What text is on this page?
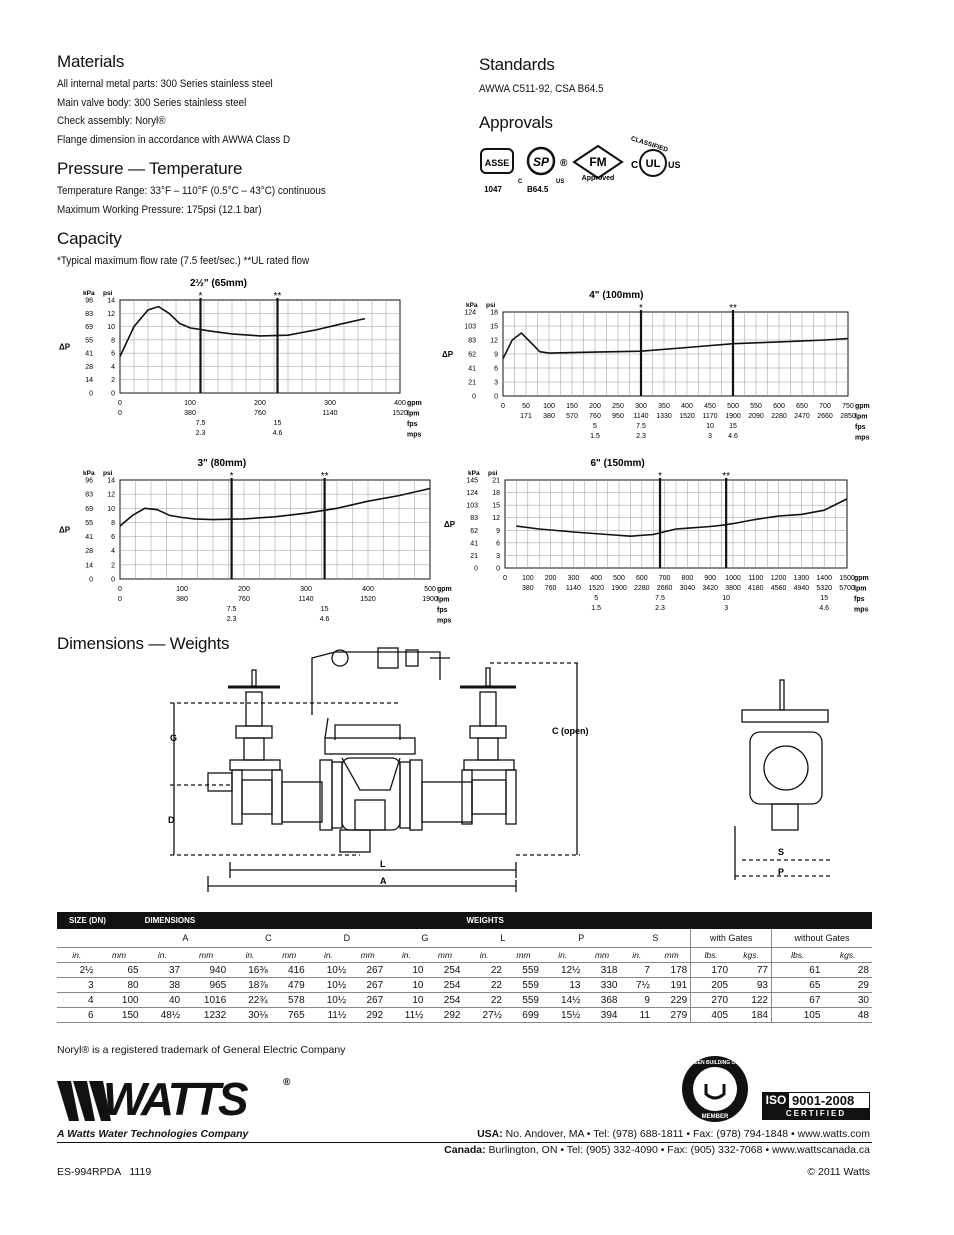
Materials
All internal metal parts: 300 Series stainless steel
Main valve body: 300 Series stainless steel
Check assembly: Noryl®
Flange dimension in accordance with AWWA Class D
Pressure — Temperature
Temperature Range: 33°F – 110°F (0.5°C – 43°C) continuous
Maximum Working Pressure: 175psi (12.1 bar)
Capacity
*Typical maximum flow rate (7.5 feet/sec.) **UL rated flow
Standards
AWWA C511-92, CSA B64.5
Approvals
ASSE
1047
SP ®
C	US
B64.5
FM
Approved
UL
C	US
CLASSIFIED
2½" (65mm)
kPa psi
96 14
83 12
69 10
55	8
41	6
28	4
14	2
0	0
ΔP
0	100	200	300	400
0	380	760	1140	1520
7.5	15
2.3	4.6
gpm
lpm
fps
mps
*	**
3" (80mm)
kPa psi
96 14
83 12
69 10
55	8
41	6
28	4
14	2
0	0
ΔP
0	100	200	300	400	500
0	380	760	1140	1520	1900
7.5	15
2.3	4.6
gpm
lpm
fps
mps
*	**
4" (100mm)
kPa psi
124 18
103 15
83 12
62	9
41	6
21	3
0	0
ΔP
0 50 100 150 200 250 300 350 400 450 500 550 600 650 700 750
171 380 570 760 950 1140 1330 1520 1170 1900 2090 2280 2470 2660 2850
5	7.5	10 15
1.5	2.3	3 4.6
gpm
lpm
fps
mps
*	**
6" (150mm)
kPa psi
145 21
124 18
103 15
83 12
62	9
41	6
21	3
0	0
ΔP
0 100 200 300 400 500 600 700 800 900 1000 1100 1200 1300 1400 1500
380 760 1140 1520 1900 2280 2660 3040 3420 3800 4180 4560 4940 5320 5700
5	7.5	10	15
1.5	2.3	3	4.6
gpm
lpm
fps
mps
*	**
Dimensions — Weights
G
D
L
A
C (open)
S
P
SIZE (DN)		DIMENSIONS								WEIGHTS									
		A		C		D		G		L		P		S		with Gates		without Gates	
in.	mm	in.	mm	in.	mm	in.	mm	in.	mm	in.	mm	in.	mm	in.	mm	lbs.	kgs.	lbs.	kgs.
2½	65	37	940	16⅜	416	10½	267	10	254	22	559	12½	318	7	178	170	77	61	28
3	80	38	965	18⅞	479	10½	267	10	254	22	559	13	330	7½	191	205	93	65	29
4	100	40	1016	22¾	578	10½	267	10	254	22	559	14½	368	9	229	270	122	67	30
6	150	48½	1232	30⅛	765	11½	292	11½	292	27½	699	15½	394	11	279	405	184	105	48
Noryl® is a registered trademark of General Electric Company
WATTS	®
A Watts Water Technologies Company
U.S. GREEN BUILDING COUNCIL
MEMBER
ISO 9001-2008
CERTIFIED
USA: No. Andover, MA • Tel: (978) 688-1811 • Fax: (978) 794-1848 • www.watts.com
Canada: Burlington, ON • Tel: (905) 332-4090 • Fax: (905) 332-7068 • www.wattscanada.ca
ES-994RPDA   1119	© 2011 Watts
